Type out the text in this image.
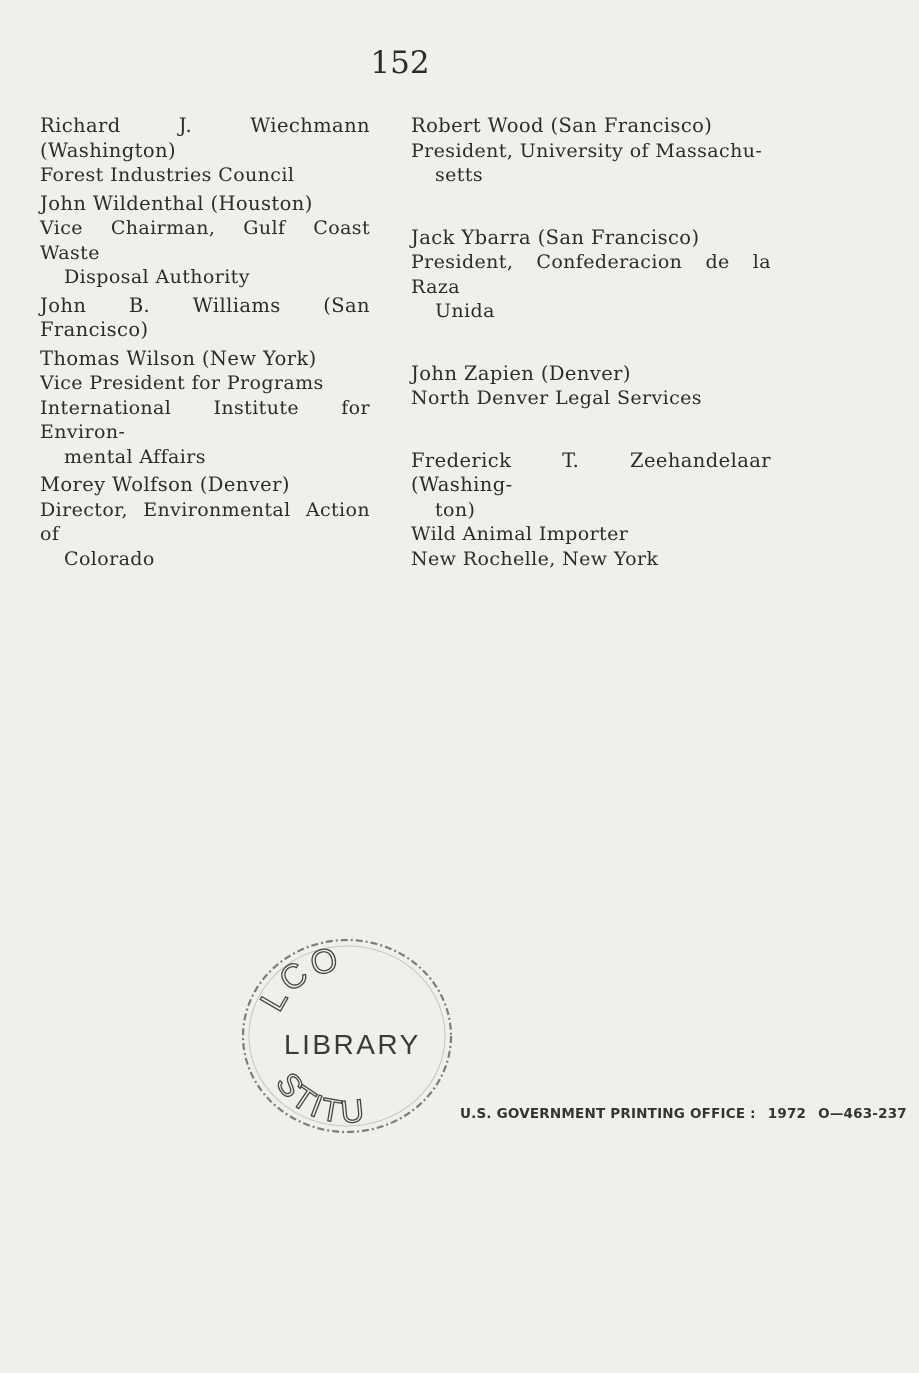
152
Richard J. Wiechmann (Washington)
Forest Industries Council
John Wildenthal (Houston)
Vice Chairman, Gulf Coast Waste
Disposal Authority
John B. Williams (San Francisco)
Thomas Wilson (New York)
Vice President for Programs
International Institute for Environ-
mental Affairs
Morey Wolfson (Denver)
Director, Environmental Action of
Colorado
Robert Wood (San Francisco)
President, University of Massachu-
setts
Jack Ybarra (San Francisco)
President, Confederacion de la Raza
Unida
John Zapien (Denver)
North Denver Legal Services
Frederick T. Zeehandelaar (Washing-
ton)
Wild Animal Importer
New Rochelle, New York
LCO
LIBRARY
STITU	U.S. GOVERNMENT PRINTING OFFICE : 1972 O—463-237
